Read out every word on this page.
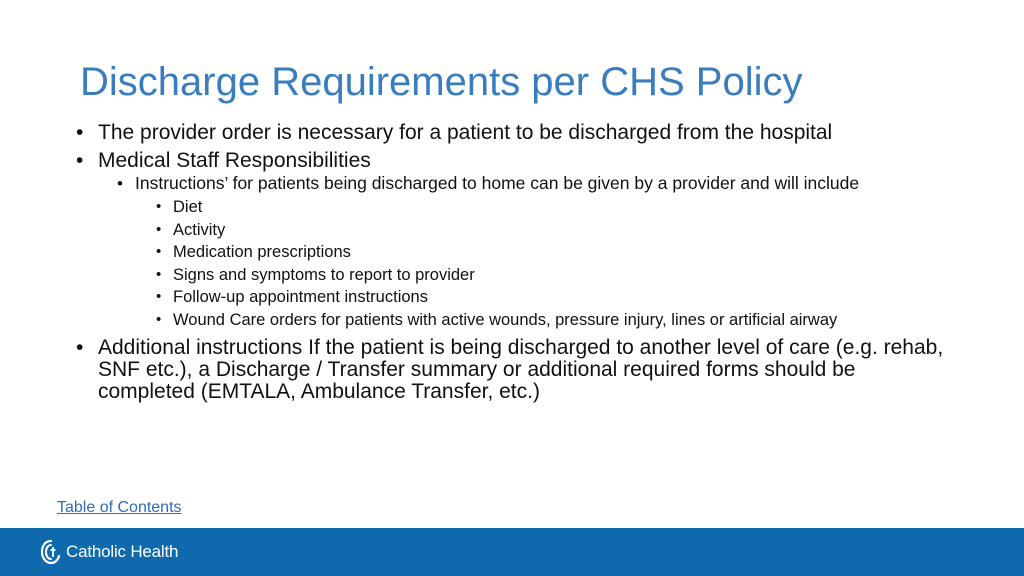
Discharge Requirements per CHS Policy
• The provider order is necessary for a patient to be discharged from the hospital
• Medical Staff Responsibilities
• Instructions’ for patients being discharged to home can be given by a provider and will include
• Diet
• Activity
• Medication prescriptions
• Signs and symptoms to report to provider
• Follow-up appointment instructions
• Wound Care orders for patients with active wounds, pressure injury, lines or artificial airway
• Additional instructions If the patient is being discharged to another level of care (e.g. rehab, SNF etc.), a Discharge / Transfer summary or additional required forms should be completed (EMTALA, Ambulance Transfer, etc.)
Table of Contents
Catholic Health
